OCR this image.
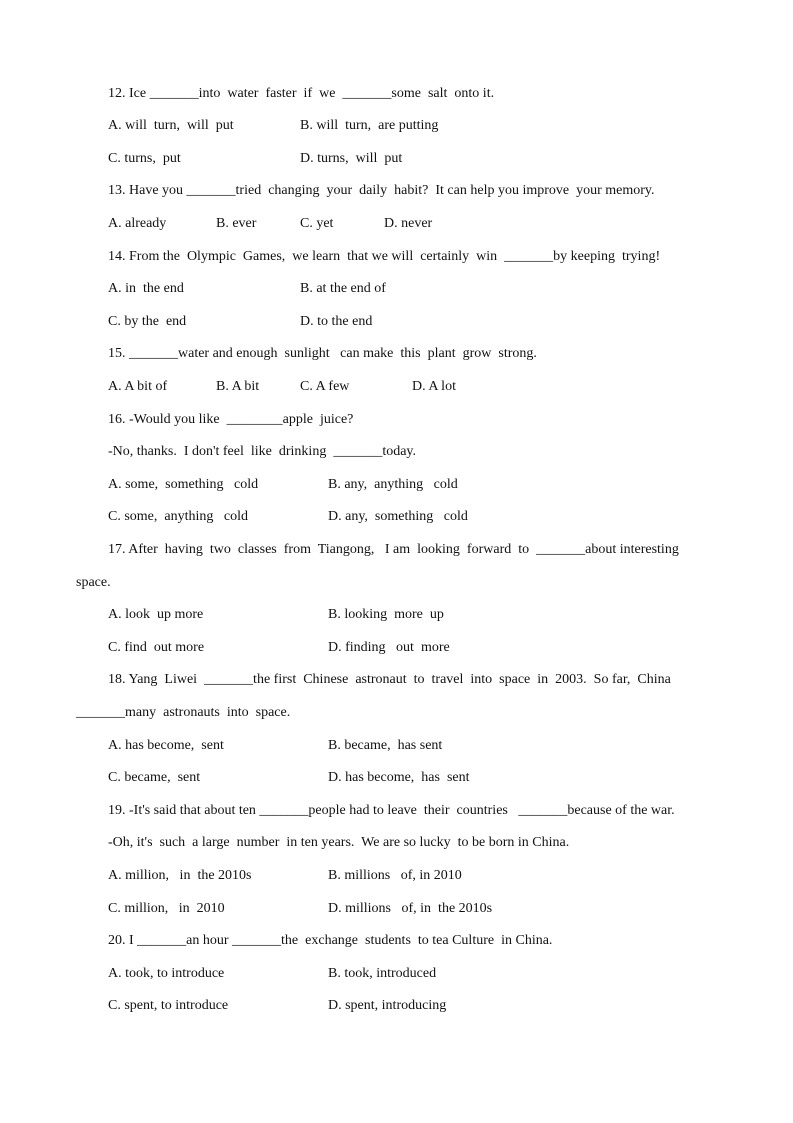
12. Ice _______into  water  faster  if  we  _______some  salt  onto it.
A. will  turn,  will  put	B. will  turn,  are putting
C. turns,  put	D. turns,  will  put
13. Have you _______tried  changing  your  daily  habit?  It can help you improve  your memory.
A. already	B. ever	C. yet	D. never
14. From the  Olympic  Games,  we learn  that we will  certainly  win  _______by keeping  trying!
A. in  the end	B. at the end of
C. by the  end	D. to the end
15. _______water and enough  sunlight   can make  this  plant  grow  strong.
A. A bit of	B. A bit	C. A few	D. A lot
16. -Would you like  ________apple  juice?
-No, thanks.  I don't feel  like  drinking  _______today.
A. some,  something   cold	B. any,  anything   cold
C. some,  anything   cold	D. any,  something   cold
17. After  having  two  classes  from  Tiangong,   I am  looking  forward  to  _______about interesting
space.
A. look  up more	B. looking  more  up
C. find  out more	D. finding   out  more
18. Yang  Liwei  _______the first  Chinese  astronaut  to  travel  into  space  in  2003.  So far,  China
_______many  astronauts  into  space.
A. has become,  sent	B. became,  has sent
C. became,  sent	D. has become,  has  sent
19. -It's said that about ten _______people had to leave  their  countries   _______because of the war.
-Oh, it's  such  a large  number  in ten years.  We are so lucky  to be born in China.
A. million,   in  the 2010s	B. millions   of, in 2010
C. million,   in  2010	D. millions   of, in  the 2010s
20. I _______an hour _______the  exchange  students  to tea Culture  in China.
A. took, to introduce	B. took, introduced
C. spent, to introduce	D. spent, introducing
